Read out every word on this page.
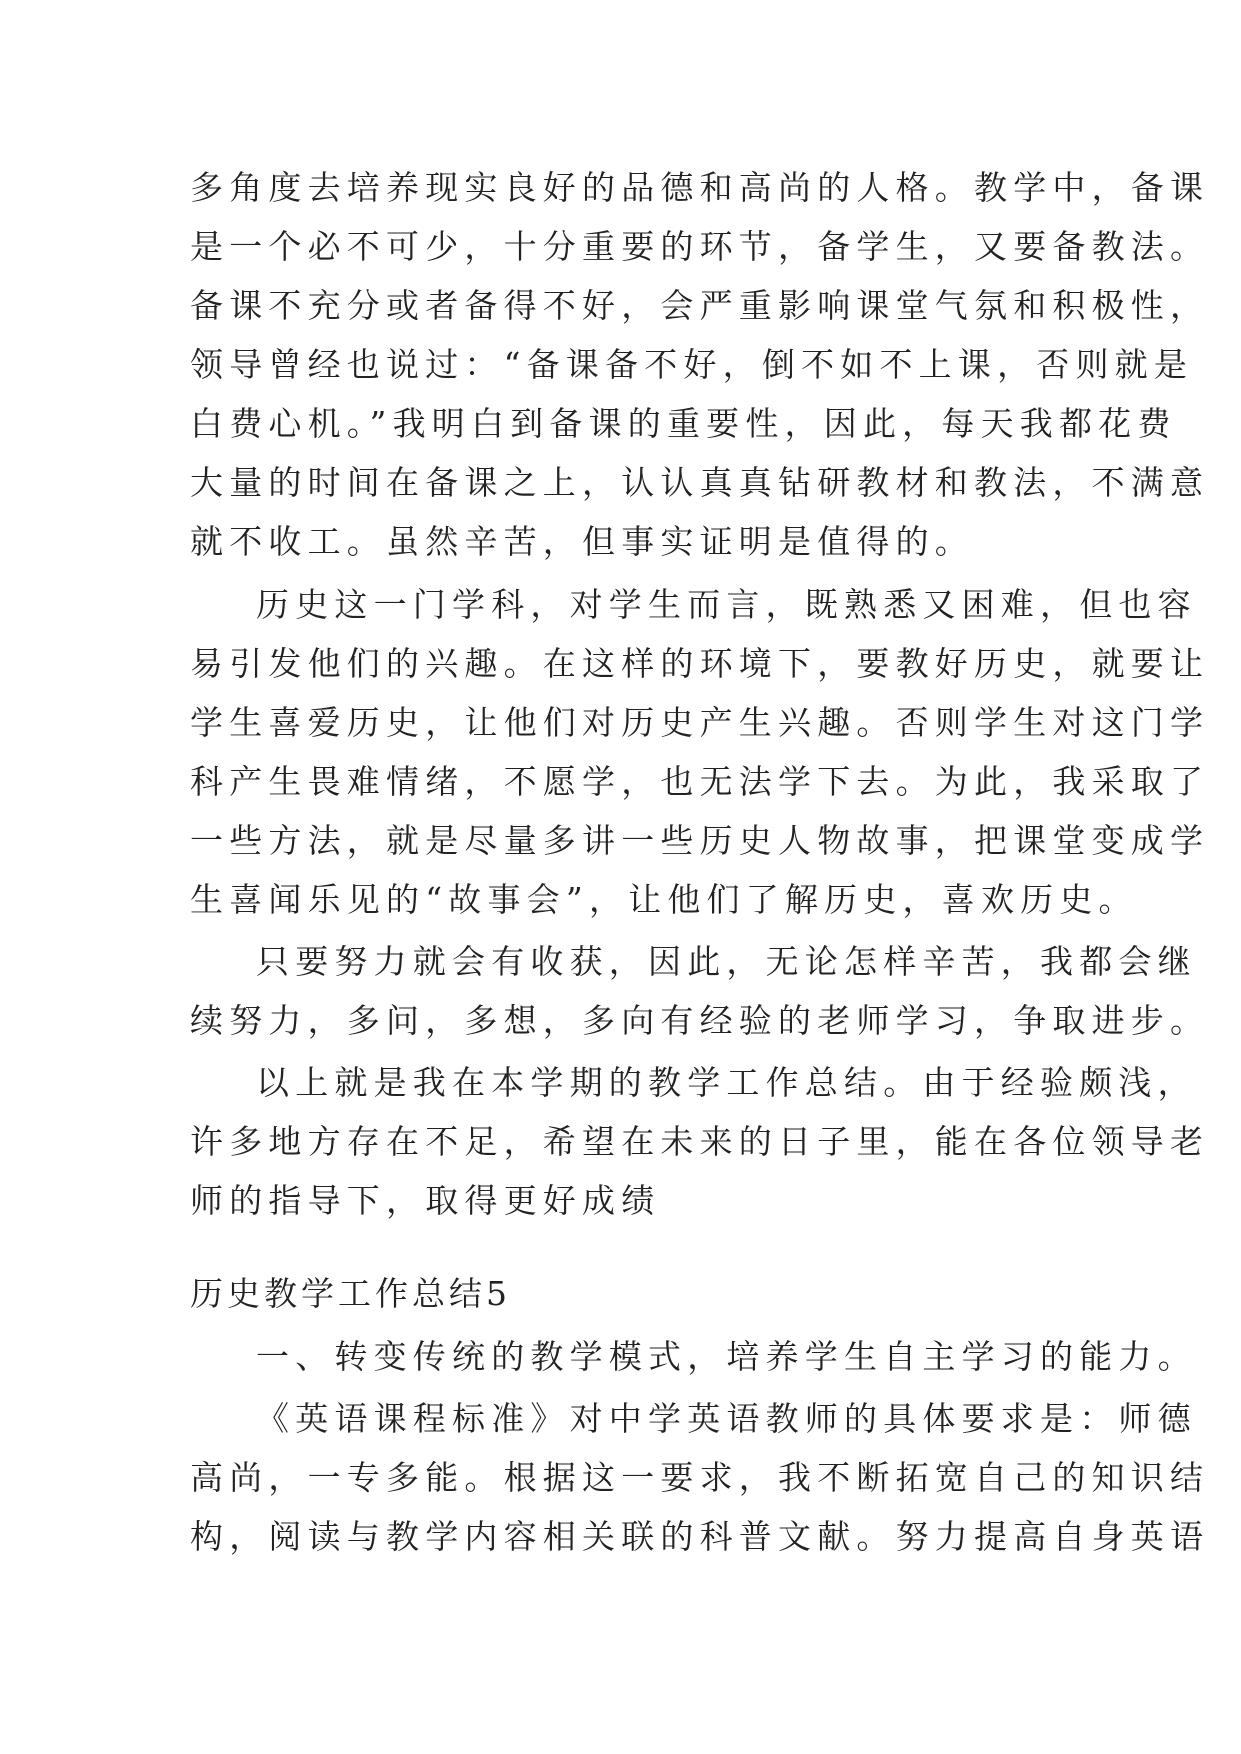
多角度去培养现实良好的品德和高尚的人格。教学中，备课
是一个必不可少，十分重要的环节，备学生，又要备教法。
备课不充分或者备得不好，会严重影响课堂气氛和积极性，
领导曾经也说过：“备课备不好，倒不如不上课，否则就是
白费心机。”我明白到备课的重要性，因此，每天我都花费
大量的时间在备课之上，认认真真钻研教材和教法，不满意
就不收工。虽然辛苦，但事实证明是值得的。
历史这一门学科，对学生而言，既熟悉又困难，但也容
易引发他们的兴趣。在这样的环境下，要教好历史，就要让
学生喜爱历史，让他们对历史产生兴趣。否则学生对这门学
科产生畏难情绪，不愿学，也无法学下去。为此，我采取了
一些方法，就是尽量多讲一些历史人物故事，把课堂变成学
生喜闻乐见的“故事会”，让他们了解历史，喜欢历史。
只要努力就会有收获，因此，无论怎样辛苦，我都会继
续努力，多问，多想，多向有经验的老师学习，争取进步。
以上就是我在本学期的教学工作总结。由于经验颇浅，
许多地方存在不足，希望在未来的日子里，能在各位领导老
师的指导下，取得更好成绩
历史教学工作总结5
一、转变传统的教学模式，培养学生自主学习的能力。
《英语课程标准》对中学英语教师的具体要求是：师德
高尚，一专多能。根据这一要求，我不断拓宽自己的知识结
构，阅读与教学内容相关联的科普文献。努力提高自身英语
